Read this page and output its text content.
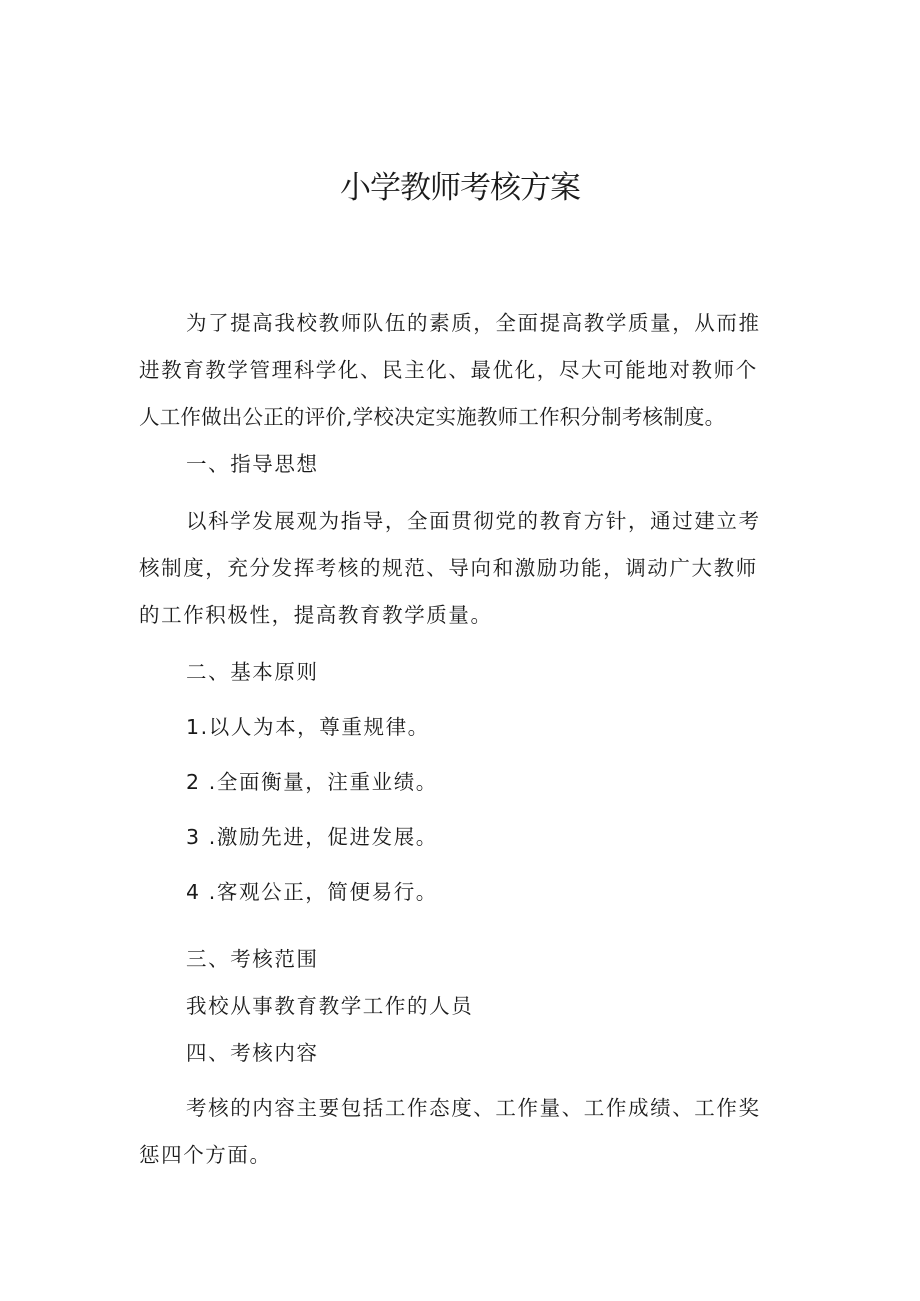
小学教师考核方案

为了提高我校教师队伍的素质，全面提高教学质量，从而推

进教育教学管理科学化、民主化、最优化，尽大可能地对教师个

人工作做出公正的评价,学校决定实施教师工作积分制考核制度。

一、指导思想

以科学发展观为指导，全面贯彻党的教育方针，通过建立考

核制度，充分发挥考核的规范、导向和激励功能，调动广大教师

的工作积极性，提高教育教学质量。

二、基本原则

1.以人为本，尊重规律。

2 .全面衡量，注重业绩。

3 .激励先进，促进发展。

4 .客观公正，简便易行。

三、考核范围

我校从事教育教学工作的人员

四、考核内容

考核的内容主要包括工作态度、工作量、工作成绩、工作奖

惩四个方面。
